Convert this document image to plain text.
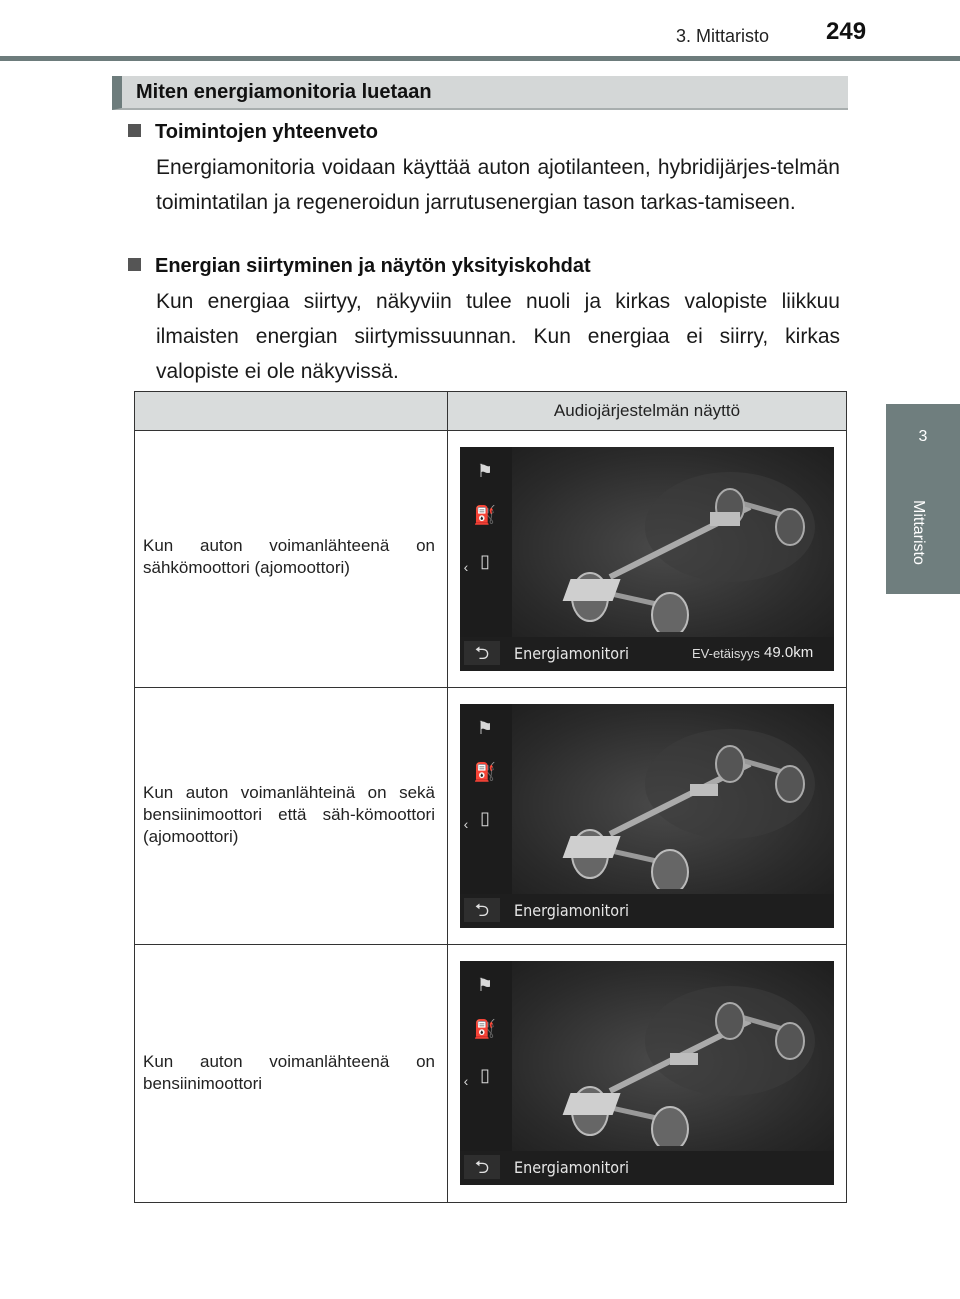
3. Mittaristo 249
3
Mittaristo
Miten energiamonitoria luetaan
Toimintojen yhteenveto
Energiamonitoria voidaan käyttää auton ajotilanteen, hybridijärjes-telmän toimintatilan ja regeneroidun jarrutusenergian tason tarkas-tamiseen.
Energian siirtyminen ja näytön yksityiskohdat
Kun energiaa siirtyy, näkyviin tulee nuoli ja kirkas valopiste liikkuu ilmaisten energian siirtymissuunnan. Kun energiaa ei siirry, kirkas valopiste ei ole näkyvissä.
Audiojärjestelmän näyttö
Kun auton voimanlähteenä on sähkömoottori (ajomoottori)
⚑
⛽
▯
‹
⮌	Energiamonitori	EV-etäisyys 49.0km
Kun auton voimanlähteinä on sekä bensiinimoottori että säh-kömoottori (ajomoottori)
⚑
⛽
▯
‹
⮌	Energiamonitori
Kun auton voimanlähteenä on bensiinimoottori
⚑
⛽
▯
‹
⮌	Energiamonitori
